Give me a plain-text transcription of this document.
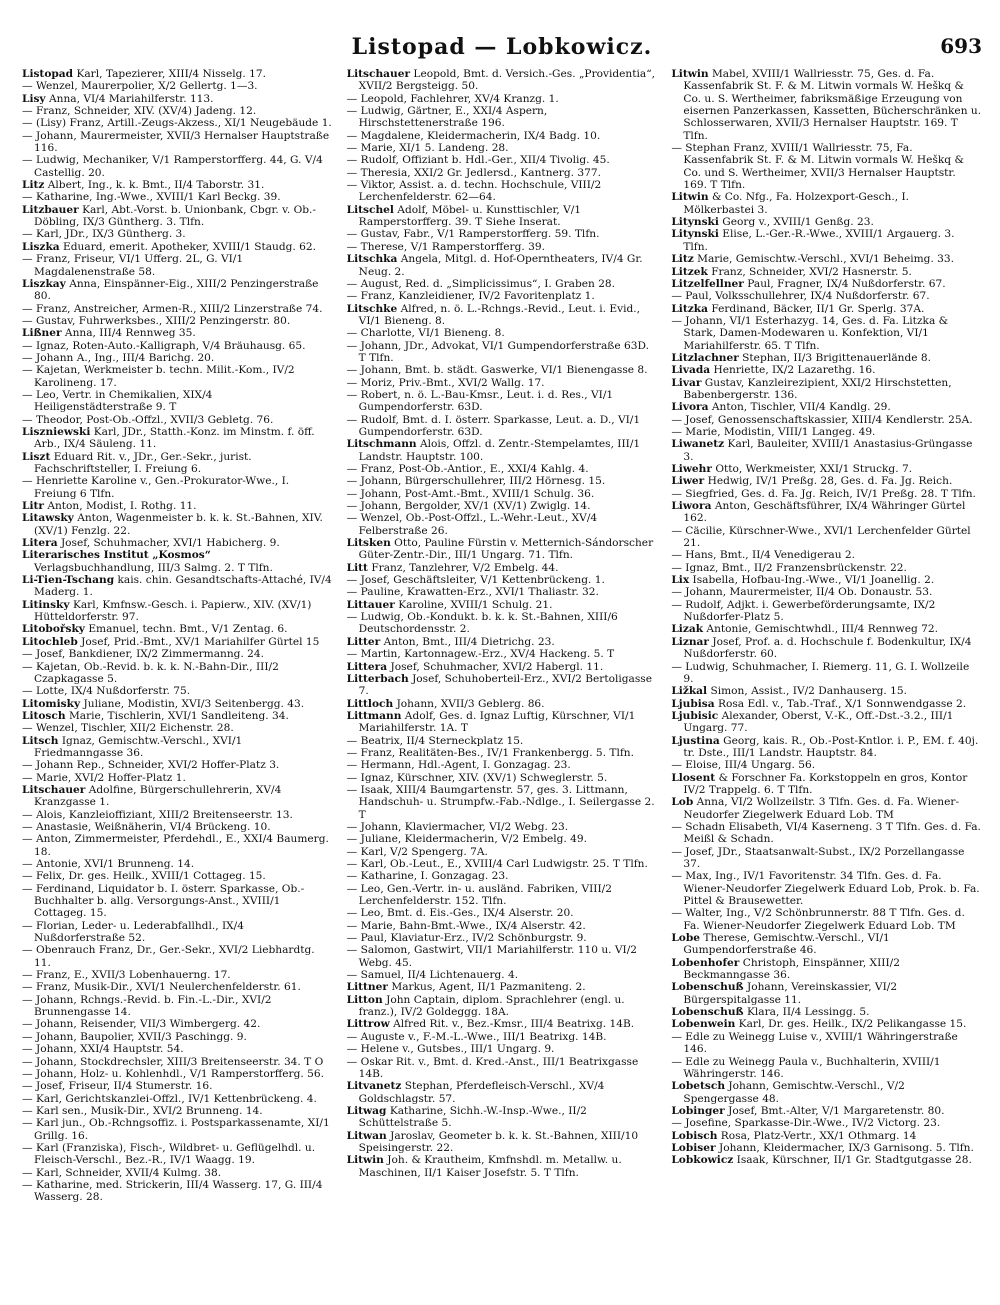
Listopad — Lobkowicz.	693
Listopad Karl, Tapezierer, XIII/4 Nisselg. 17.
— Wenzel, Maurerpolier, X/2 Gellertg. 1—3.
Lisy Anna, VI/4 Mariahilferstr. 113.
— Franz, Schneider, XIV. (XV/4) Jadeng. 12.
— (Lisy) Franz, Artill.-Zeugs-Akzess., XI/1 Neugebäude 1.
— Johann, Maurermeister, XVII/3 Hernalser Hauptstraße 116.
— Ludwig, Mechaniker, V/1 Ramperstorfferg. 44, G. V/4 Castellig. 20.
Litz Albert, Ing., k. k. Bmt., II/4 Taborstr. 31.
— Katharine, Ing.-Wwe., XVIII/1 Karl Beckg. 39.
Litzbauer Karl, Abt.-Vorst. b. Unionbank, Cbgr. v. Ob.-Döbling, IX/3 Güntherg. 3. Tlfn.
— Karl, JDr., IX/3 Güntherg. 3.
Liszka Eduard, emerit. Apotheker, XVIII/1 Staudg. 62.
— Franz, Friseur, VI/1 Ufferg. 2L, G. VI/1 Magdalenenstraße 58.
Liszkay Anna, Einspänner-Eig., XIII/2 Penzingerstraße 80.
— Franz, Anstreicher, Armen-R., XIII/2 Linzerstraße 74.
— Gustav, Fuhrwerksbes., XIII/2 Penzingerstr. 80.
Lißner Anna, III/4 Rennweg 35.
— Ignaz, Roten-Auto.-Kalligraph, V/4 Bräuhausg. 65.
— Johann A., Ing., III/4 Barichg. 20.
— Kajetan, Werkmeister b. techn. Milit.-Kom., IV/2 Karolineng. 17.
— Leo, Vertr. in Chemikalien, XIX/4 Heiligenstädterstraße 9. T
— Theodor, Post-Ob.-Offzl., XVII/3 Gebletg. 76.
Liszniewski Karl, JDr., Statth.-Konz. im Minstm. f. öff. Arb., IX/4 Säuleng. 11.
Liszt Eduard Rit. v., JDr., Ger.-Sekr., jurist. Fachschriftsteller, I. Freiung 6.
— Henriette Karoline v., Gen.-Prokurator-Wwe., I. Freiung 6 Tlfn.
Litr Anton, Modist, I. Rothg. 11.
Litawsky Anton, Wagenmeister b. k. k. St.-Bahnen, XIV. (XV/1) Fenzlg. 22.
Litera Josef, Schuhmacher, XVI/1 Habicherg. 9.
Literarisches Institut „Kosmos“ Verlagsbuchhandlung, III/3 Salmg. 2. T Tlfn.
Li-Tien-Tschang kais. chin. Gesandtschafts-Attaché, IV/4 Maderg. 1.
Litinsky Karl, Kmfnsw.-Gesch. i. Papierw., XIV. (XV/1) Hütteldorferstr. 97.
Litobořsky Emanuel, techn. Bmt., V/1 Zentag. 6.
Litochleb Josef, Prid.-Bmt., XV/1 Mariahilfer Gürtel 15
— Josef, Bankdiener, IX/2 Zimmermanng. 24.
— Kajetan, Ob.-Revid. b. k. k. N.-Bahn-Dir., III/2 Czapkagasse 5.
— Lotte, IX/4 Nußdorferstr. 75.
Litomisky Juliane, Modistin, XVI/3 Seitenbergg. 43.
Litosch Marie, Tischlerin, XVI/1 Sandleiteng. 34.
— Wenzel, Tischler, XII/2 Eichenstr. 28.
Litsch Ignaz, Gemischtw.-Verschl., XVI/1 Friedmanngasse 36.
— Johann Rep., Schneider, XVI/2 Hoffer-Platz 3.
— Marie, XVI/2 Hoffer-Platz 1.
Litschauer Adolfine, Bürgerschullehrerin, XV/4 Kranzgasse 1.
— Alois, Kanzleioffiziant, XIII/2 Breitenseerstr. 13.
— Anastasie, Weißnäherin, VI/4 Brückeng. 10.
— Anton, Zimmermeister, Pferdehdl., E., XXI/4 Baumerg. 18.
— Antonie, XVI/1 Brunneng. 14.
— Felix, Dr. ges. Heilk., XVIII/1 Cottageg. 15.
— Ferdinand, Liquidator b. I. österr. Sparkasse, Ob.-Buchhalter b. allg. Versorgungs-Anst., XVIII/1 Cottageg. 15.
— Florian, Leder- u. Lederabfallhdl., IX/4 Nußdorferstraße 52.
— Obenrauch Franz, Dr., Ger.-Sekr., XVI/2 Liebhardtg. 11.
— Franz, E., XVII/3 Lobenhauerng. 17.
— Franz, Musik-Dir., XVI/1 Neulerchenfelderstr. 61.
— Johann, Rchngs.-Revid. b. Fin.-L.-Dir., XVI/2 Brunnengasse 14.
— Johann, Reisender, VII/3 Wimbergerg. 42.
— Johann, Baupolier, XVII/3 Paschingg. 9.
— Johann, XXI/4 Hauptstr. 54.
— Johann, Stockdrechsler, XIII/3 Breitenseerstr. 34. T O
— Johann, Holz- u. Kohlenhdl., V/1 Ramperstorfferg. 56.
— Josef, Friseur, II/4 Stumerstr. 16.
— Karl, Gerichtskanzlei-Offzl., IV/1 Kettenbrückeng. 4.
— Karl sen., Musik-Dir., XVI/2 Brunneng. 14.
— Karl jun., Ob.-Rchngsoffiz. i. Postsparkassenamte, XI/1 Grillg. 16.
— Karl (Franziska), Fisch-, Wildbret- u. Geflügelhdl. u. Fleisch-Verschl., Bez.-R., IV/1 Waagg. 19.
— Karl, Schneider, XVII/4 Kulmg. 38.
— Katharine, med. Strickerin, III/4 Wasserg. 17, G. III/4 Wasserg. 28.
Litschauer Leopold, Bmt. d. Versich.-Ges. „Providentia“, XVII/2 Bergsteigg. 50.
— Leopold, Fachlehrer, XV/4 Kranzg. 1.
— Ludwig, Gärtner, E., XXI/4 Aspern, Hirschstettenerstraße 196.
— Magdalene, Kleidermacherin, IX/4 Badg. 10.
— Marie, XI/1 5. Landeng. 28.
— Rudolf, Offiziant b. Hdl.-Ger., XII/4 Tivolig. 45.
— Theresia, XXI/2 Gr. Jedlersd., Kantnerg. 377.
— Viktor, Assist. a. d. techn. Hochschule, VIII/2 Lerchenfelderstr. 62—64.
Litschel Adolf, Möbel- u. Kunsttischler, V/1 Ramperstorfferg. 39. T Siehe Inserat.
— Gustav, Fabr., V/1 Ramperstorfferg. 59. Tlfn.
— Therese, V/1 Ramperstorfferg. 39.
Litschka Angela, Mitgl. d. Hof-Operntheaters, IV/4 Gr. Neug. 2.
— August, Red. d. „Simplicissimus“, I. Graben 28.
— Franz, Kanzleidiener, IV/2 Favoritenplatz 1.
Litschke Alfred, n. ö. L.-Rchngs.-Revid., Leut. i. Evid., VI/1 Bieneng. 8.
— Charlotte, VI/1 Bieneng. 8.
— Johann, JDr., Advokat, VI/1 Gumpendorferstraße 63D. T Tlfn.
— Johann, Bmt. b. städt. Gaswerke, VI/1 Bienengasse 8.
— Moriz, Priv.-Bmt., XVI/2 Wallg. 17.
— Robert, n. ö. L.-Bau-Kmsr., Leut. i. d. Res., VI/1 Gumpendorferstr. 63D.
— Rudolf, Bmt. d. I. österr. Sparkasse, Leut. a. D., VI/1 Gumpendorferstr. 63D.
Litschmann Alois, Offzl. d. Zentr.-Stempelamtes, III/1 Landstr. Hauptstr. 100.
— Franz, Post-Ob.-Antior., E., XXI/4 Kahlg. 4.
— Johann, Bürgerschullehrer, III/2 Hörnesg. 15.
— Johann, Post-Amt.-Bmt., XVIII/1 Schulg. 36.
— Johann, Bergolder, XV/1 (XV/1) Zwiglg. 14.
— Wenzel, Ob.-Post-Offzl., L.-Wehr.-Leut., XV/4 Felberstraße 26.
Litsken Otto, Pauline Fürstin v. Metternich-Sándorscher Güter-Zentr.-Dir., III/1 Ungarg. 71. Tlfn.
Litt Franz, Tanzlehrer, V/2 Embelg. 44.
— Josef, Geschäftsleiter, V/1 Kettenbrückeng. 1.
— Pauline, Krawatten-Erz., XVI/1 Thaliastr. 32.
Littauer Karoline, XVIII/1 Schulg. 21.
— Ludwig, Ob.-Kondukt. b. k. k. St.-Bahnen, XIII/6 Deutschordensstr. 2.
Litter Anton, Bmt., III/4 Dietrichg. 23.
— Martin, Kartonnagew.-Erz., XV/4 Hackeng. 5. T
Littera Josef, Schuhmacher, XVI/2 Habergl. 11.
Litterbach Josef, Schuhoberteil-Erz., XVI/2 Bertoligasse 7.
Littloch Johann, XVII/3 Geblerg. 86.
Littmann Adolf, Ges. d. Ignaz Luftig, Kürschner, VI/1 Mariahilferstr. 1A. T
— Beatrix, II/4 Sterneckplatz 15.
— Franz, Realitäten-Bes., IV/1 Frankenbergg. 5. Tlfn.
— Hermann, Hdl.-Agent, I. Gonzagag. 23.
— Ignaz, Kürschner, XIV. (XV/1) Schweglerstr. 5.
— Isaak, XIII/4 Baumgartenstr. 57, ges. 3. Littmann, Handschuh- u. Strumpfw.-Fab.-Ndlge., I. Seilergasse 2. T
— Johann, Klaviermacher, VI/2 Webg. 23.
— Juliane, Kleidermacherin, V/2 Embelg. 49.
— Karl, V/2 Spengerg. 7A.
— Karl, Ob.-Leut., E., XVIII/4 Carl Ludwigstr. 25. T Tlfn.
— Katharine, I. Gonzagag. 23.
— Leo, Gen.-Vertr. in- u. ausländ. Fabriken, VIII/2 Lerchenfelderstr. 152. Tlfn.
— Leo, Bmt. d. Eis.-Ges., IX/4 Alserstr. 20.
— Marie, Bahn-Bmt.-Wwe., IX/4 Alserstr. 42.
— Paul, Klaviatur-Erz., IV/2 Schönburgstr. 9.
— Salomon, Gastwirt, VII/1 Mariahilferstr. 110 u. VI/2 Webg. 45.
— Samuel, II/4 Lichtenauerg. 4.
Littner Markus, Agent, II/1 Pazmaniteng. 2.
Litton John Captain, diplom. Sprachlehrer (engl. u. franz.), IV/2 Goldeggg. 18A.
Littrow Alfred Rit. v., Bez.-Kmsr., III/4 Beatrixg. 14B.
— Auguste v., F.-M.-L.-Wwe., III/1 Beatrixg. 14B.
— Helene v., Gutsbes., III/1 Ungarg. 9.
— Oskar Rit. v., Bmt. d. Kred.-Anst., III/1 Beatrixgasse 14B.
Litvanetz Stephan, Pferdefleisch-Verschl., XV/4 Goldschlagstr. 57.
Litwag Katharine, Sichh.-W.-Insp.-Wwe., II/2 Schüttelstraße 5.
Litwan Jaroslav, Geometer b. k. k. St.-Bahnen, XIII/10 Speisingerstr. 22.
Litwin Joh. & Krautheim, Kmfnshdl. m. Metallw. u. Maschinen, II/1 Kaiser Josefstr. 5. T Tlfn.
Litwin Mabel, XVIII/1 Wallriesstr. 75, Ges. d. Fa. Kassenfabrik St. F. & M. Litwin vormals W. Heškq & Co. u. S. Wertheimer, fabriksmäßige Erzeugung von eisernen Panzerkassen, Kassetten, Bücherschränken u. Schlosserwaren, XVII/3 Hernalser Hauptstr. 169. T Tlfn.
— Stephan Franz, XVIII/1 Wallriesstr. 75, Fa. Kassenfabrik St. F. & M. Litwin vormals W. Heškq & Co. und S. Wertheimer, XVII/3 Hernalser Hauptstr. 169. T Tlfn.
Litwin & Co. Nfg., Fa. Holzexport-Gesch., I. Mölkerbastei 3.
Litynski Georg v., XVIII/1 Genßg. 23.
Litynski Elise, L.-Ger.-R.-Wwe., XVIII/1 Argauerg. 3. Tlfn.
Litz Marie, Gemischtw.-Verschl., XVI/1 Beheimg. 33.
Litzek Franz, Schneider, XVI/2 Hasnerstr. 5.
Litzelfellner Paul, Fragner, IX/4 Nußdorferstr. 67.
— Paul, Volksschullehrer, IX/4 Nußdorferstr. 67.
Litzka Ferdinand, Bäcker, II/1 Gr. Sperlg. 37A.
— Johann, VI/1 Esterhazyg. 14, Ges. d. Fa. Litzka & Stark, Damen-Modewaren u. Konfektion, VI/1 Mariahilferstr. 65. T Tlfn.
Litzlachner Stephan, II/3 Brigittenauerlände 8.
Livada Henriette, IX/2 Lazarethg. 16.
Livar Gustav, Kanzleirezipient, XXI/2 Hirschstetten, Babenbergerstr. 136.
Livora Anton, Tischler, VII/4 Kandlg. 29.
— Josef, Genossenschaftskassier, XIII/4 Kendlerstr. 25A.
— Marie, Modistin, VIII/1 Langeg. 49.
Liwanetz Karl, Bauleiter, XVIII/1 Anastasius-Grüngasse 3.
Liwehr Otto, Werkmeister, XXI/1 Struckg. 7.
Liwer Hedwig, IV/1 Preßg. 28, Ges. d. Fa. Jg. Reich.
— Siegfried, Ges. d. Fa. Jg. Reich, IV/1 Preßg. 28. T Tlfn.
Liwora Anton, Geschäftsführer, IX/4 Währinger Gürtel 162.
— Cäcilie, Kürschner-Wwe., XVI/1 Lerchenfelder Gürtel 21.
— Hans, Bmt., II/4 Venedigerau 2.
— Ignaz, Bmt., II/2 Franzensbrückenstr. 22.
Lix Isabella, Hofbau-Ing.-Wwe., VI/1 Joanellig. 2.
— Johann, Maurermeister, II/4 Ob. Donaustr. 53.
— Rudolf, Adjkt. i. Gewerbeförderungsamte, IX/2 Nußdorfer-Platz 5.
Lizak Antonie, Gemischtwhdl., III/4 Rennweg 72.
Liznar Josef, Prof. a. d. Hochschule f. Bodenkultur, IX/4 Nußdorferstr. 60.
— Ludwig, Schuhmacher, I. Riemerg. 11, G. I. Wollzeile 9.
Ližkal Simon, Assist., IV/2 Danhauserg. 15.
Ljubisa Rosa Edl. v., Tab.-Traf., X/1 Sonnwendgasse 2.
Ljubisic Alexander, Oberst, V.-K., Off.-Dst.-3.2., III/1 Ungarg. 77.
Ljustina Georg, kais. R., Ob.-Post-Kntlor. i. P., EM. f. 40j. tr. Dste., III/1 Landstr. Hauptstr. 84.
— Eloise, III/4 Ungarg. 56.
Llosent & Forschner Fa. Korkstoppeln en gros, Kontor IV/2 Trappelg. 6. T Tlfn.
Lob Anna, VI/2 Wollzeilstr. 3 Tlfn. Ges. d. Fa. Wiener-Neudorfer Ziegelwerk Eduard Lob. TM
— Schadn Elisabeth, VI/4 Kaserneng. 3 T Tlfn. Ges. d. Fa. Meißl & Schadn.
— Josef, JDr., Staatsanwalt-Subst., IX/2 Porzellangasse 37.
— Max, Ing., IV/1 Favoritenstr. 34 Tlfn. Ges. d. Fa. Wiener-Neudorfer Ziegelwerk Eduard Lob, Prok. b. Fa. Pittel & Brausewetter.
— Walter, Ing., V/2 Schönbrunnerstr. 88 T Tlfn. Ges. d. Fa. Wiener-Neudorfer Ziegelwerk Eduard Lob. TM
Lobe Therese, Gemischtw.-Verschl., VI/1 Gumpendorferstraße 46.
Lobenhofer Christoph, Einspänner, XIII/2 Beckmanngasse 36.
Lobenschuß Johann, Vereinskassier, VI/2 Bürgerspitalgasse 11.
Lobenschuß Klara, II/4 Lessingg. 5.
Lobenwein Karl, Dr. ges. Heilk., IX/2 Pelikangasse 15.
— Edle zu Weinegg Luise v., XVIII/1 Währingerstraße 146.
— Edle zu Weinegg Paula v., Buchhalterin, XVIII/1 Währingerstr. 146.
Lobetsch Johann, Gemischtw.-Verschl., V/2 Spengergasse 48.
Lobinger Josef, Bmt.-Alter, V/1 Margaretenstr. 80.
— Josefine, Sparkasse-Dir.-Wwe., IV/2 Victorg. 23.
Lobisch Rosa, Platz-Vertr., XX/1 Othmarg. 14
Lobiser Johann, Kleidermacher, IX/3 Garnisong. 5. Tlfn.
Lobkowicz Isaak, Kürschner, II/1 Gr. Stadtgutgasse 28.
